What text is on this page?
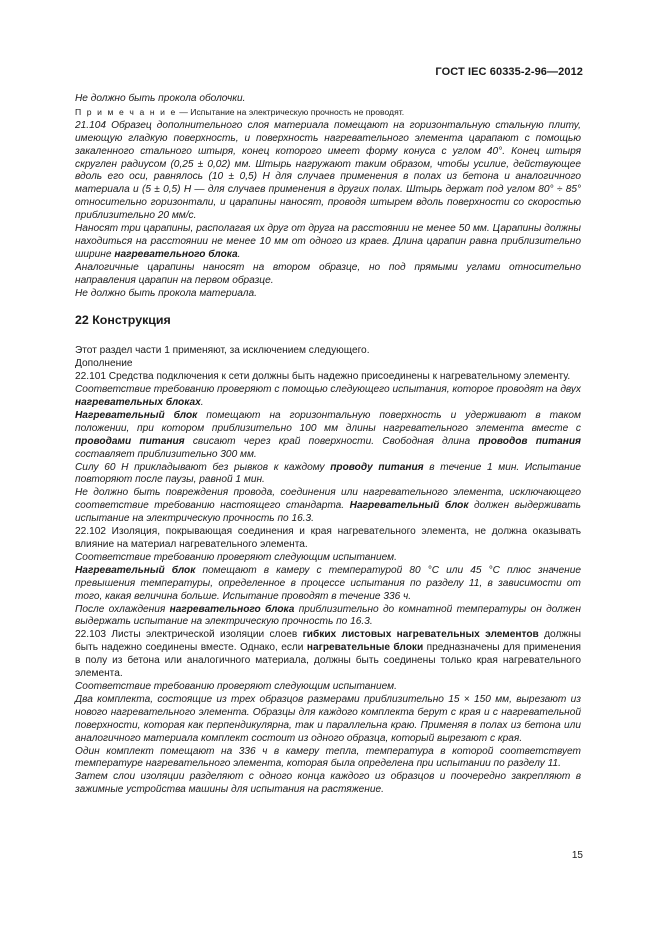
ГОСТ IEC 60335-2-96—2012

Не должно быть прокола оболочки.

П р и м е ч а н и е — Испытание на электрическую прочность не проводят.

21.104 Образец дополнительного слоя материала помещают на горизонтальную стальную плиту, имеющую гладкую поверхность, и поверхность нагревательного элемента царапают с помощью закаленного стального штыря, конец которого имеет форму конуса с углом 40°. Конец штыря скруглен радиусом (0,25 ± 0,02) мм. Штырь нагружают таким образом, чтобы усилие, действующее вдоль его оси, равнялось (10 ± 0,5) Н для случаев применения в полах из бетона и аналогичного материала и (5 ± 0,5) Н — для случаев применения в других полах. Штырь держат под углом 80° ÷ 85° относительно горизонтали, и царапины наносят, проводя штырем вдоль поверхности со скоростью приблизительно 20 мм/с.

Наносят три царапины, располагая их друг от друга на расстоянии не менее 50 мм. Царапины должны находиться на расстоянии не менее 10 мм от одного из краев. Длина царапин равна приблизительно ширине нагревательного блока.

Аналогичные царапины наносят на втором образце, но под прямыми углами относительно направления царапин на первом образце.

Не должно быть прокола материала.

22 Конструкция

Этот раздел части 1 применяют, за исключением следующего.

Дополнение

22.101 Средства подключения к сети должны быть надежно присоединены к нагревательному элементу.

Соответствие требованию проверяют с помощью следующего испытания, которое проводят на двух нагревательных блоках.

Нагревательный блок помещают на горизонтальную поверхность и удерживают в таком положении, при котором приблизительно 100 мм длины нагревательного элемента вместе с проводами питания свисают через край поверхности. Свободная длина проводов питания составляет приблизительно 300 мм.

Силу 60 Н прикладывают без рывков к каждому проводу питания в течение 1 мин. Испытание повторяют после паузы, равной 1 мин.

Не должно быть повреждения провода, соединения или нагревательного элемента, исключающего соответствие требованию настоящего стандарта. Нагревательный блок должен выдерживать испытание на электрическую прочность по 16.3.

22.102 Изоляция, покрывающая соединения и края нагревательного элемента, не должна оказывать влияние на материал нагревательного элемента.

Соответствие требованию проверяют следующим испытанием.

Нагревательный блок помещают в камеру с температурой 80 °С или 45 °С плюс значение превышения температуры, определенное в процессе испытания по разделу 11, в зависимости от того, какая величина больше. Испытание проводят в течение 336 ч.

После охлаждения нагревательного блока приблизительно до комнатной температуры он должен выдержать испытание на электрическую прочность по 16.3.

22.103 Листы электрической изоляции слоев гибких листовых нагревательных элементов должны быть надежно соединены вместе. Однако, если нагревательные блоки предназначены для применения в полу из бетона или аналогичного материала, должны быть соединены только края нагревательного элемента.

Соответствие требованию проверяют следующим испытанием.

Два комплекта, состоящие из трех образцов размерами приблизительно 15 × 150 мм, вырезают из нового нагревательного элемента. Образцы для каждого комплекта берут с края и с нагревательной поверхности, которая как перпендикулярна, так и параллельна краю. Применяя в полах из бетона или аналогичного материала комплект состоит из одного образца, который вырезают с края.

Один комплект помещают на 336 ч в камеру тепла, температура в которой соответствует температуре нагревательного элемента, которая была определена при испытании по разделу 11.

Затем слои изоляции разделяют с одного конца каждого из образцов и поочередно закрепляют в зажимные устройства машины для испытания на растяжение.

15
